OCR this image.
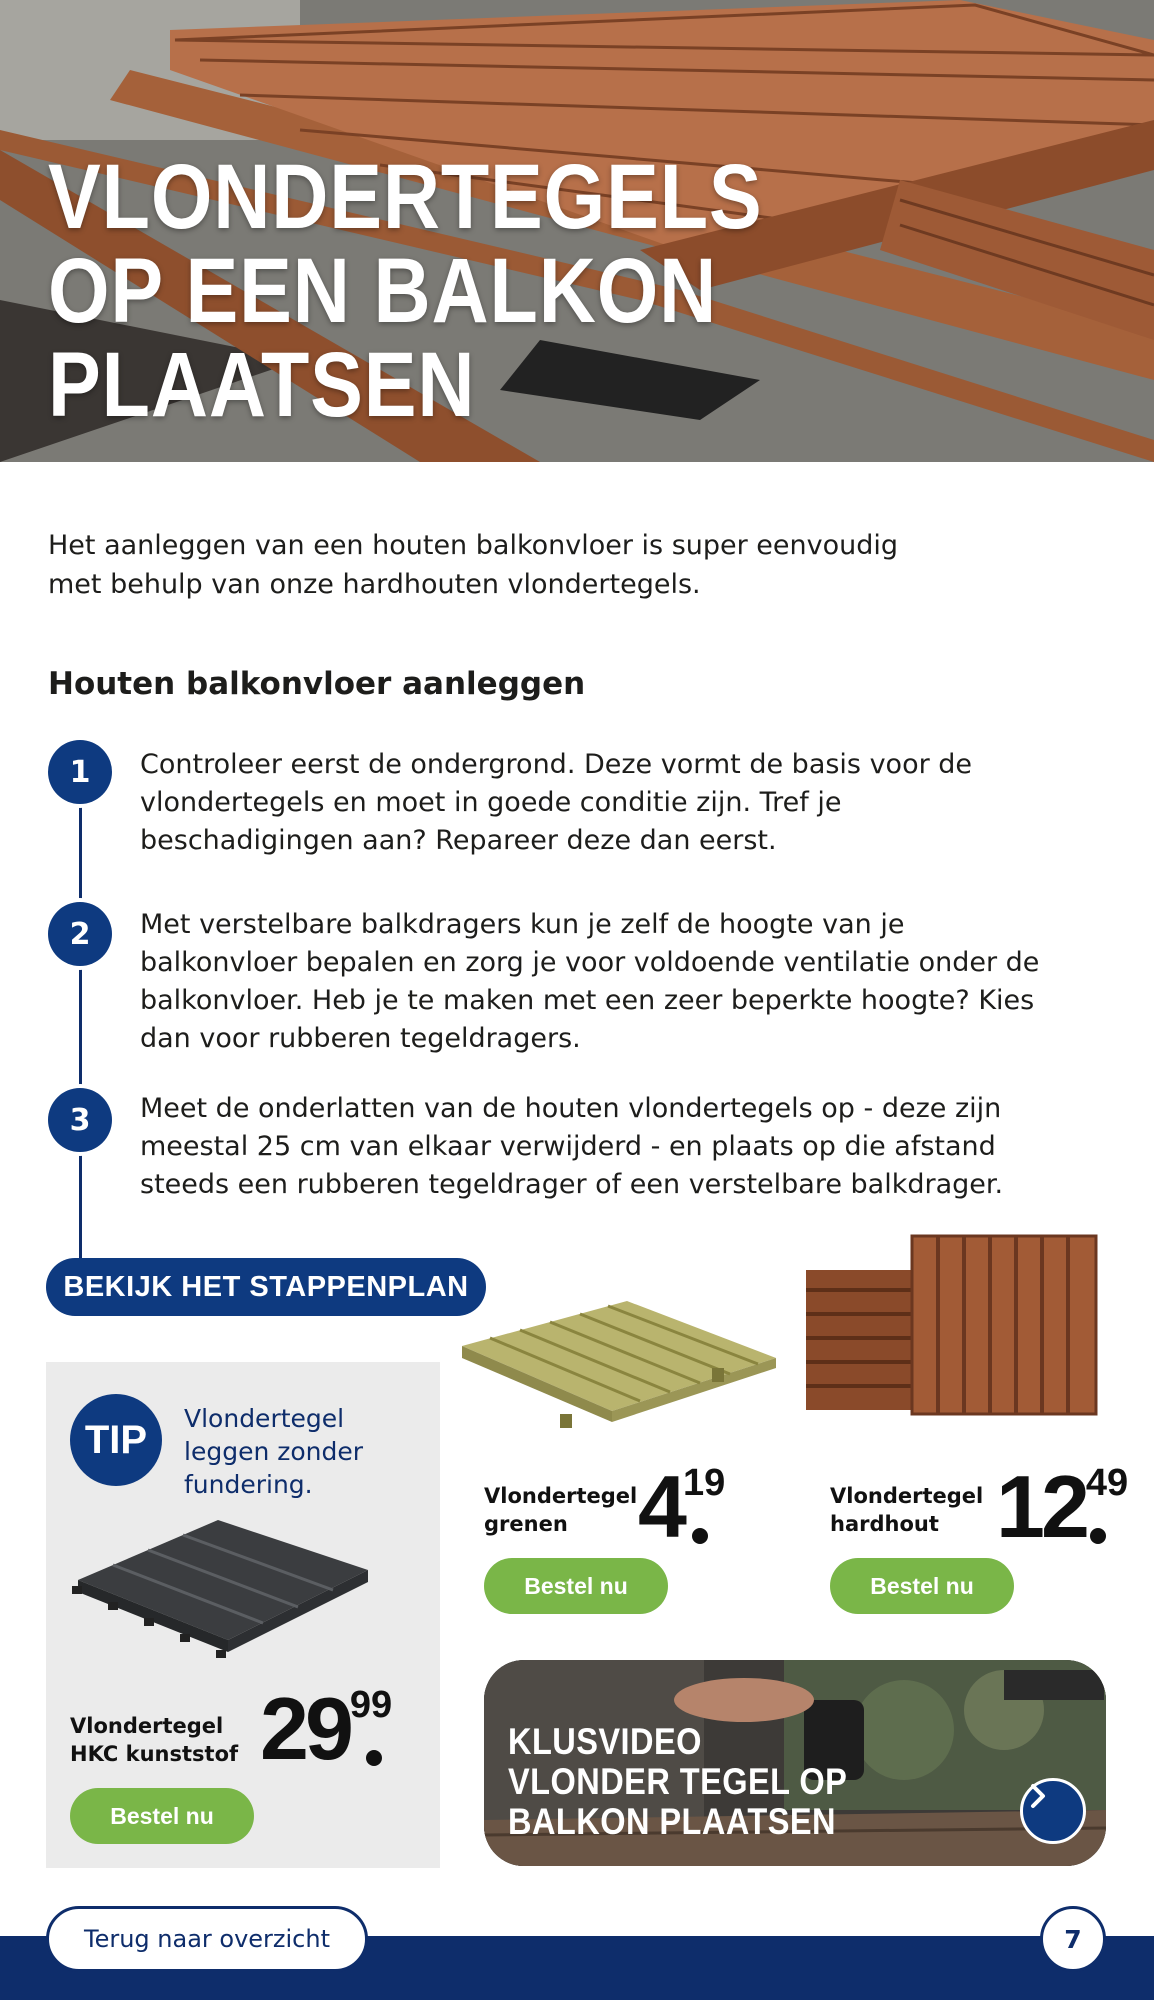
VLONDERTEGELS
OP EEN BALKON
PLAATSEN

Het aanleggen van een houten balkonvloer is super eenvoudig met behulp van onze hardhouten vlondertegels.

Houten balkonvloer aanleggen
1	Controleer eerst de ondergrond. Deze vormt de basis voor de vlondertegels en moet in goede conditie zijn. Tref je beschadigingen aan? Repareer deze dan eerst.

2	Met verstelbare balkdragers kun je zelf de hoogte van je balkonvloer bepalen en zorg je voor voldoende ventilatie onder de balkonvloer. Heb je te maken met een zeer beperkte hoogte? Kies dan voor rubberen tegeldragers.

3	Meet de onderlatten van de houten vlondertegels op - deze zijn meestal 25 cm van elkaar verwijderd - en plaats op die afstand steeds een rubberen tegeldrager of een verstelbare balkdrager.

BEKIJK HET STAPPENPLAN
TIP	Vlondertegel leggen zonder fundering.

Vlondertegel
HKC kunststof 2999
Bestel nu
Vlondertegel
grenen 419
Bestel nu
Vlondertegel
hardhout 1249
Bestel nu
KLUSVIDEO
VLONDER TEGEL OP
BALKON PLAATSEN
Terug naar overzicht	7
